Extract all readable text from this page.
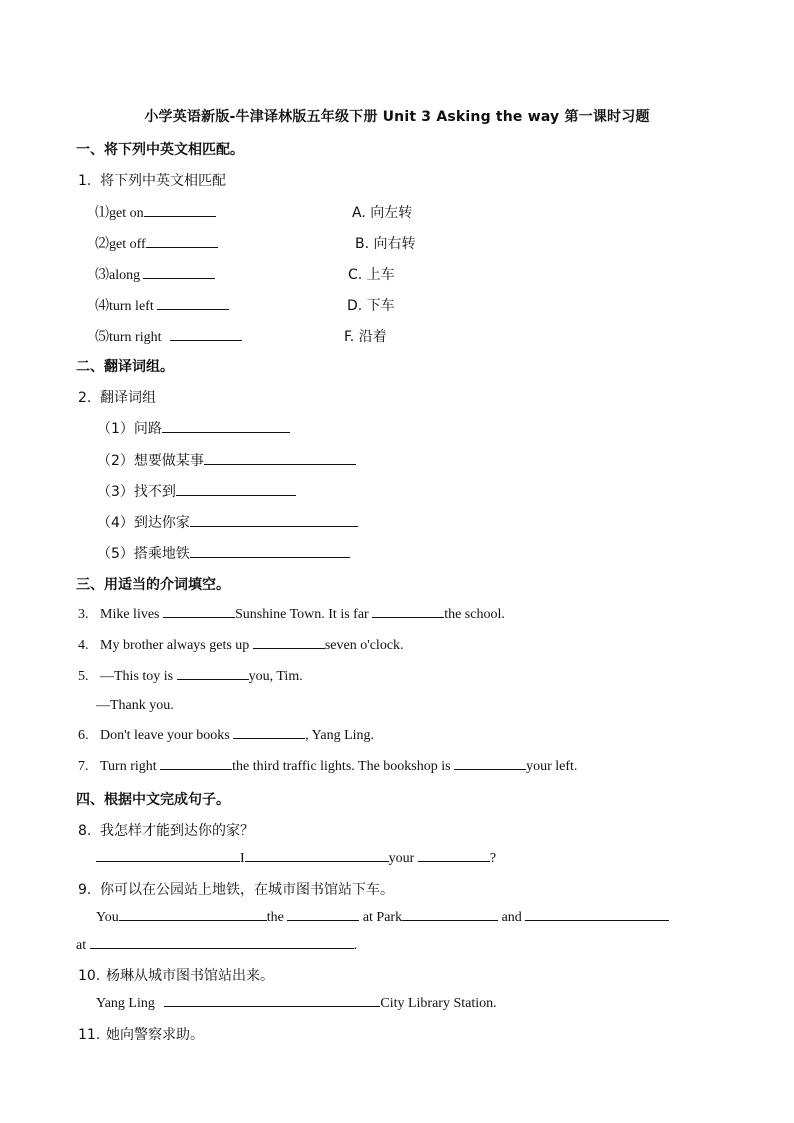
小学英语新版-牛津译林版五年级下册 Unit 3 Asking the way 第一课时习题
一、将下列中英文相匹配。
1. 将下列中英文相匹配
⑴get on	A. 向左转
⑵get off	B. 向右转
⑶along	C. 上车
⑷turn left	D. 下车
⑸turn right	F. 沿着
二、翻译词组。
2. 翻译词组
（1）问路
（2）想要做某事
（3）找不到
（4）到达你家
（5）搭乘地铁
三、用适当的介词填空。
3. Mike lives	Sunshine Town. It is far	the school.
4. My brother always gets up	seven o'clock.
5. —This toy is	you, Tim.
—Thank you.
6. Don't leave your books	, Yang Ling.
7. Turn right	the third traffic lights. The bookshop is	your left.
四、根据中文完成句子。
8. 我怎样才能到达你的家？
I	your	?
9. 你可以在公园站上地铁，在城市图书馆站下车。
You	the	at Park	and
at	.
10. 杨琳从城市图书馆站出来。
Yang Ling	City Library Station.
11. 她向警察求助。
